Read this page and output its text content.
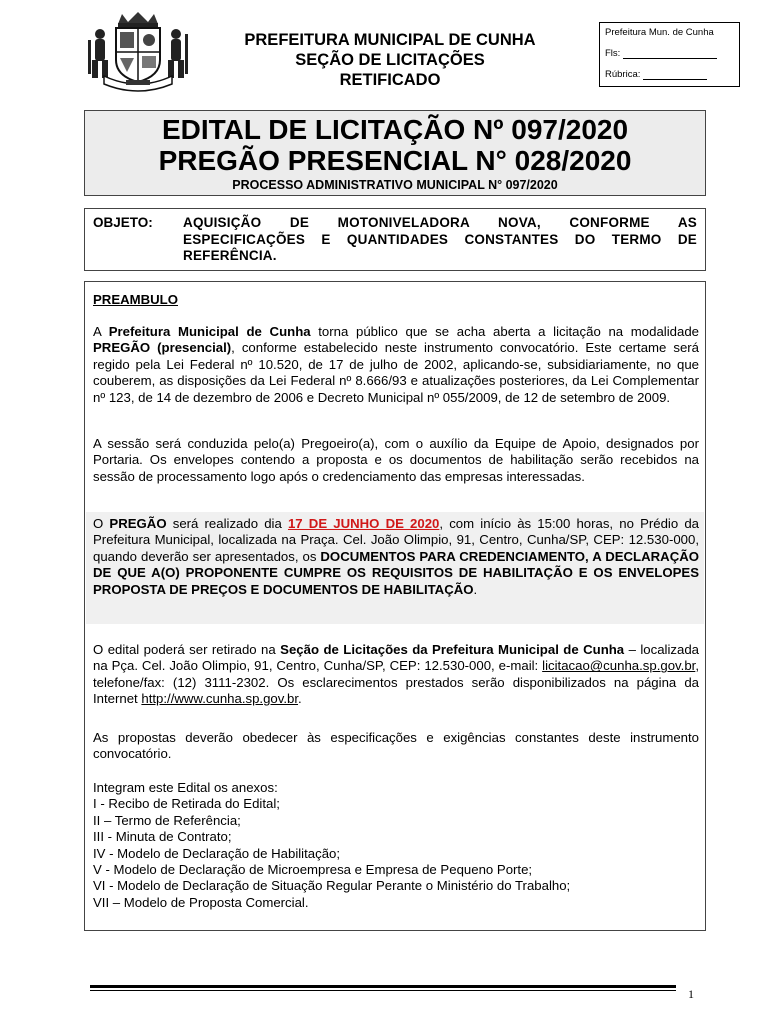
PREFEITURA MUNICIPAL DE CUNHA
SEÇÃO DE LICITAÇÕES
RETIFICADO
Prefeitura Mun. de Cunha
Fls:
Rúbrica:
EDITAL DE LICITAÇÃO Nº 097/2020
PREGÃO PRESENCIAL N° 028/2020
PROCESSO ADMINISTRATIVO MUNICIPAL N° 097/2020
OBJETO: AQUISIÇÃO DE MOTONIVELADORA NOVA, CONFORME AS ESPECIFICAÇÕES E QUANTIDADES CONSTANTES DO TERMO DE REFERÊNCIA.
PREAMBULO
A Prefeitura Municipal de Cunha torna público que se acha aberta a licitação na modalidade PREGÃO (presencial), conforme estabelecido neste instrumento convocatório. Este certame será regido pela Lei Federal nº 10.520, de 17 de julho de 2002, aplicando-se, subsidiariamente, no que couberem, as disposições da Lei Federal nº 8.666/93 e atualizações posteriores, da Lei Complementar nº 123, de 14 de dezembro de 2006 e Decreto Municipal nº 055/2009, de 12 de setembro de 2009.
A sessão será conduzida pelo(a) Pregoeiro(a), com o auxílio da Equipe de Apoio, designados por Portaria. Os envelopes contendo a proposta e os documentos de habilitação serão recebidos na sessão de processamento logo após o credenciamento das empresas interessadas.
O PREGÃO será realizado dia 17 DE JUNHO DE 2020, com início às 15:00 horas, no Prédio da Prefeitura Municipal, localizada na Praça. Cel. João Olimpio, 91, Centro, Cunha/SP, CEP: 12.530-000, quando deverão ser apresentados, os DOCUMENTOS PARA CREDENCIAMENTO, A DECLARAÇÃO DE QUE A(O) PROPONENTE CUMPRE OS REQUISITOS DE HABILITAÇÃO E OS ENVELOPES PROPOSTA DE PREÇOS E DOCUMENTOS DE HABILITAÇÃO.
O edital poderá ser retirado na Seção de Licitações da Prefeitura Municipal de Cunha – localizada na Pça. Cel. João Olimpio, 91, Centro, Cunha/SP, CEP: 12.530-000, e-mail: licitacao@cunha.sp.gov.br, telefone/fax: (12) 3111-2302. Os esclarecimentos prestados serão disponibilizados na página da Internet http://www.cunha.sp.gov.br.
As propostas deverão obedecer às especificações e exigências constantes deste instrumento convocatório.
Integram este Edital os anexos:
I - Recibo de Retirada do Edital;
II – Termo de Referência;
III - Minuta de Contrato;
IV - Modelo de Declaração de Habilitação;
V - Modelo de Declaração de Microempresa e Empresa de Pequeno Porte;
VI - Modelo de Declaração de Situação Regular Perante o Ministério do Trabalho;
VII – Modelo de Proposta Comercial.
1
